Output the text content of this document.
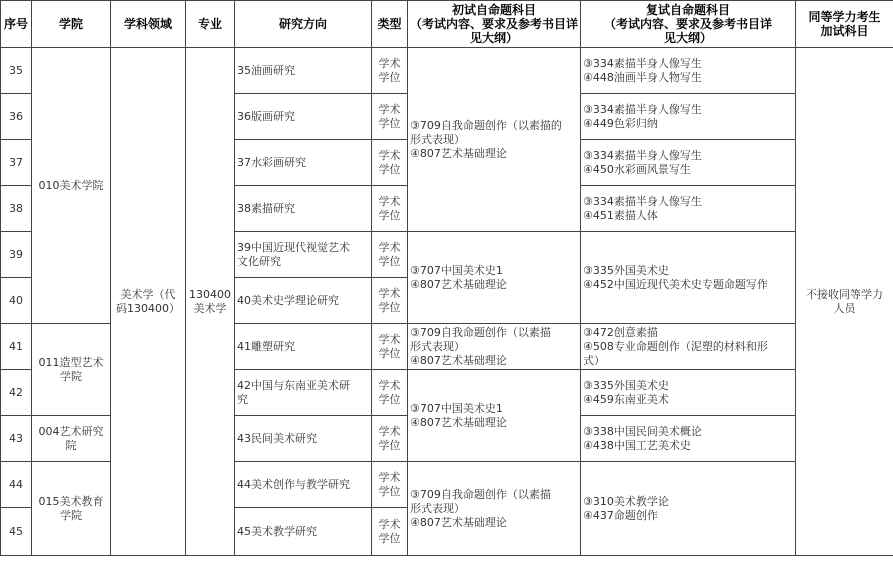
序号	学院	学科领域	专业	研究方向	类型	初试自命题科目
（考试内容、要求及参考书目详
见大纲）	复试自命题科目
（考试内容、要求及参考书目详
见大纲）	同等学力考生
加试科目

35	010美术学院	美术学（代
码130400）	130400
美术学	35油画研究	学术
学位	③709自我命题创作（以素描的
形式表现）
④807艺术基础理论	③334素描半身人像写生
④448油画半身人物写生	不接收同等学力
人员

36				36版画研究	学术
学位		③334素描半身人像写生
④449色彩归纳	

37				37水彩画研究	学术
学位		③334素描半身人像写生
④450水彩画风景写生	

38				38素描研究	学术
学位		③334素描半身人像写生
④451素描人体	

39				39中国近现代视觉艺术
文化研究	学术
学位	③707中国美术史1
④807艺术基础理论	③335外国美术史
④452中国近现代美术史专题命题写作	

40				40美术史学理论研究	学术
学位			

41	011造型艺术
学院			41雕塑研究	学术
学位	③709自我命题创作（以素描
形式表现）
④807艺术基础理论	③472创意素描
④508专业命题创作（泥塑的材料和形
式）	

42				42中国与东南亚美术研
究	学术
学位	③707中国美术史1
④807艺术基础理论	③335外国美术史
④459东南亚美术	

43	004艺术研究
院			43民间美术研究	学术
学位		③338中国民间美术概论
④438中国工艺美术史	

44	015美术教育
学院			44美术创作与教学研究	学术
学位	③709自我命题创作（以素描
形式表现）
④807艺术基础理论	③310美术教学论
④437命题创作	

45				45美术教学研究	学术
学位			
